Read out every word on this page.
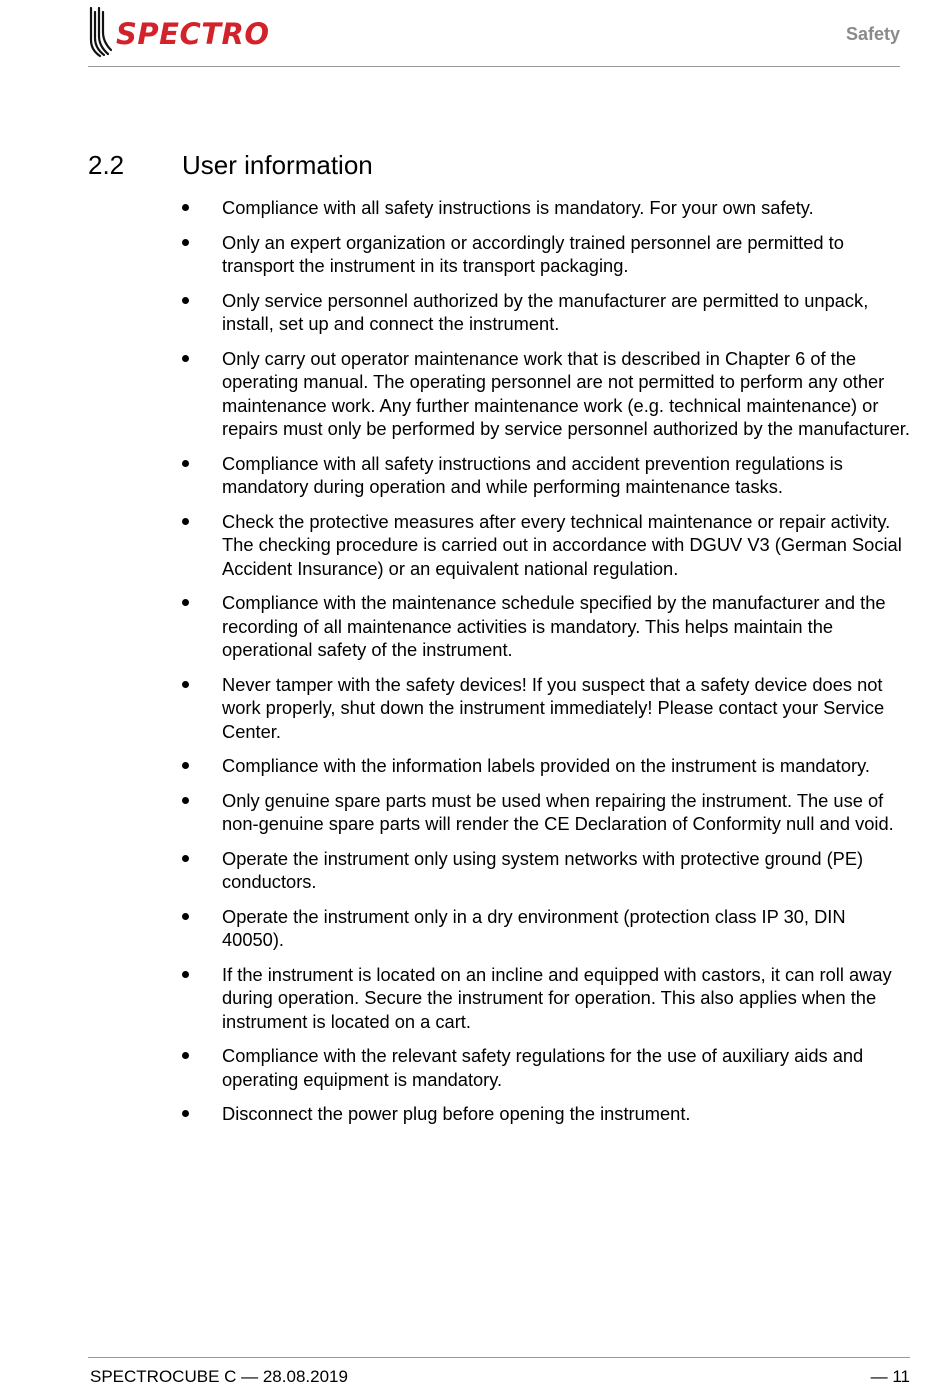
SPECTRO	Safety
2.2	User information
Compliance with all safety instructions is mandatory. For your own safety.
Only an expert organization or accordingly trained personnel are permitted to transport the instrument in its transport packaging.
Only service personnel authorized by the manufacturer are permitted to unpack, install, set up and connect the instrument.
Only carry out operator maintenance work that is described in Chapter 6 of the operating manual. The operating personnel are not permitted to perform any other maintenance work. Any further maintenance work (e.g. technical maintenance) or repairs must only be performed by service personnel authorized by the manufacturer.
Compliance with all safety instructions and accident prevention regulations is mandatory during operation and while performing maintenance tasks.
Check the protective measures after every technical maintenance or repair activity. The checking procedure is carried out in accordance with DGUV V3 (German Social Accident Insurance) or an equivalent national regulation.
Compliance with the maintenance schedule specified by the manufacturer and the recording of all maintenance activities is mandatory. This helps maintain the operational safety of the instrument.
Never tamper with the safety devices! If you suspect that a safety device does not work properly, shut down the instrument immediately! Please contact your Service Center.
Compliance with the information labels provided on the instrument is mandatory.
Only genuine spare parts must be used when repairing the instrument. The use of non-genuine spare parts will render the CE Declaration of Conformity null and void.
Operate the instrument only using system networks with protective ground (PE) conductors.
Operate the instrument only in a dry environment (protection class IP 30, DIN 40050).
If the instrument is located on an incline and equipped with castors, it can roll away during operation. Secure the instrument for operation. This also applies when the instrument is located on a cart.
Compliance with the relevant safety regulations for the use of auxiliary aids and operating equipment is mandatory.
Disconnect the power plug before opening the instrument.
SPECTROCUBE C — 28.08.2019	— 11
